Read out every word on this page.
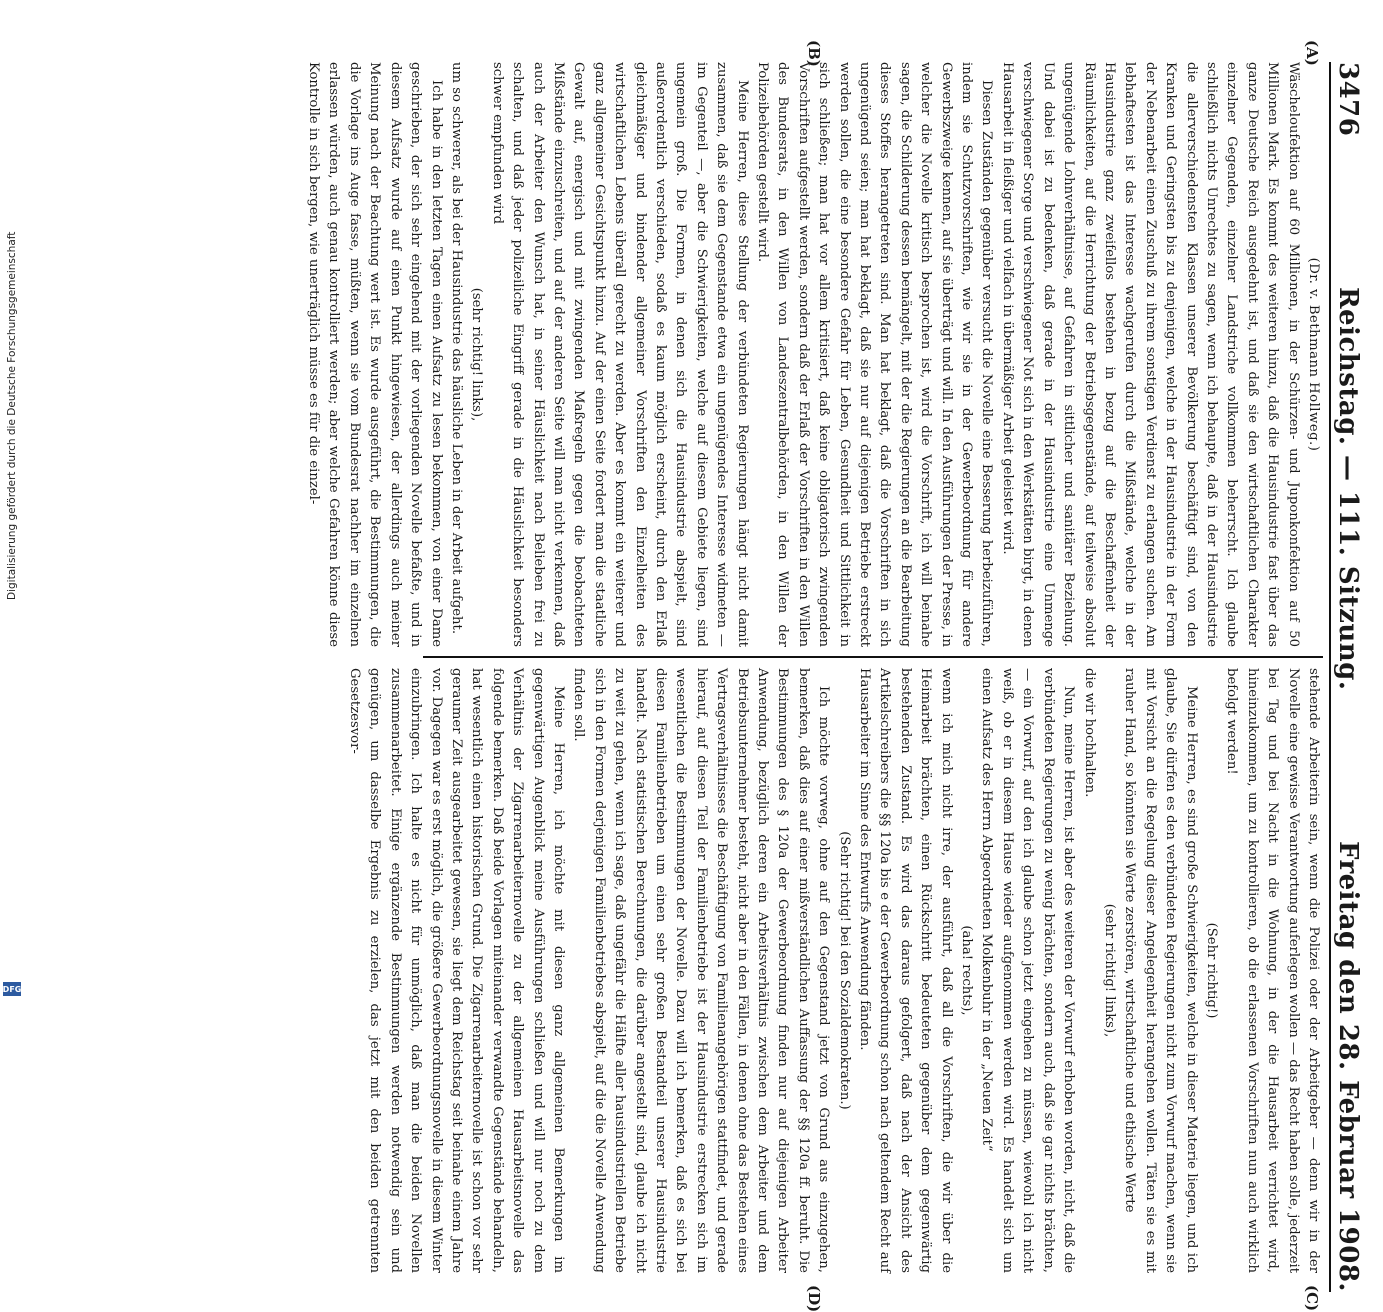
3476
Reichstag. — 111. Sitzung.
Freitag den 28. Februar 1908.
(A)
(B)
(C)
(D)

(Dr. v. Bethmann Hollweg.)

Wäscheloufektion auf 60 Millionen, in der Schürzen- und Juponkonfektion auf 50 Millionen Mark. Es kommt des weiteren hinzu, daß die Hausindustrie fast über das ganze Deutsche Reich ausgedehnt ist, und daß sie den wirtschaftlichen Charakter einzelner Gegenden, einzelner Landstriche vollkommen beherrscht. Ich glaube schließlich nichts Unrechtes zu sagen, wenn ich behaupte, daß in der Hausindustrie die allerverschiedensten Klassen unserer Bevölkerung beschäftigt sind, von den Kranken und Geringsten bis zu denjenigen, welche in der Hausindustrie in der Form der Nebenarbeit einen Zuschuß zu ihrem sonstigen Verdienst zu erlangen suchen. Am lebhaftesten ist das Interesse wachgerufen durch die Mißstände, welche in der Hausindustrie ganz zweifellos bestehen in bezug auf die Beschaffenheit der Räumlichkeiten, auf die Herrichtung der Betriebsgegenstände, auf teilweise absolut ungenügende Lohnverhältnisse, auf Gefahren in sittlicher und sanitärer Beziehung. Und dabei ist zu bedenken, daß gerade in der Hausindustrie eine Unmenge verschwiegener Sorge und verschwiegener Not sich in den Werkstätten birgt, in denen Hausarbeit in fleißiger und vielfach in übermäßiger Arbeit geleistet wird.

Diesen Zuständen gegenüber versucht die Novelle eine Besserung herbeizuführen, indem sie Schutzvorschriften, wie wir sie in der Gewerbeordnung für andere Gewerbszweige kennen, auf sie überträgt und will. In den Ausführungen der Presse, in welcher die Novelle kritisch besprochen ist, wird die Vorschrift, ich will beinahe sagen, die Schilderung dessen bemängelt, mit der die Regierungen an die Bearbeitung dieses Stoffes herangetreten sind. Man hat beklagt, daß die Vorschriften in sich ungenügend seien; man hat beklagt, daß sie nur auf diejenigen Betriebe erstreckt werden sollen, die eine besondere Gefahr für Leben, Gesundheit und Sittlichkeit in sich schließen; man hat vor allem kritisiert, daß keine obligatorisch zwingenden Vorschriften aufgestellt werden, sondern daß der Erlaß der Vorschriften in den Willen des Bundesrats, in den Willen von Landeszentralbehörden, in den Willen der Polizeibehörden gestellt wird.

Meine Herren, diese Stellung der verbündeten Regierungen hängt nicht damit zusammen, daß sie dem Gegenstande etwa ein ungenügendes Interesse widmeten — im Gegenteil —, aber die Schwierigkeiten, welche auf diesem Gebiete liegen, sind ungemein groß. Die Formen, in denen sich die Hausindustrie abspielt, sind außerordentlich verschieden, sodaß es kaum möglich erscheint, durch den Erlaß gleichmäßiger und bindender allgemeiner Vorschriften den Einzelheiten des wirtschaftlichen Lebens überall gerecht zu werden. Aber es kommt ein weiterer und ganz allgemeiner Gesichtspunkt hinzu. Auf der einen Seite fordert man die staatliche Gewalt auf, energisch und mit zwingenden Maßregeln gegen die beobachteten Mißstände einzuschreiten, und auf der anderen Seite will man nicht verkennen, daß auch der Arbeiter den Wunsch hat, in seiner Häuslichkeit nach Belieben frei zu schalten, und daß jeder polizeiliche Eingriff gerade in die Häuslichkeit besonders schwer empfunden wird

(sehr richtig! links),

um so schwerer, als bei der Hausindustrie das häusliche Leben in der Arbeit aufgeht.

Ich habe in den letzten Tagen einen Aufsatz zu lesen bekommen, von einer Dame geschrieben, der sich sehr eingehend mit der vorliegenden Novelle befaßte, und in diesem Aufsatz wurde auf einen Punkt hingewiesen, der allerdings auch meiner Meinung nach der Beachtung wert ist. Es wurde ausgeführt, die Bestimmungen, die die Vorlage ins Auge fasse, müßten, wenn sie vom Bundesrat nachher im einzelnen erlassen würden, auch genau kontrolliert werden; aber welche Gefahren könne diese Kontrolle in sich bergen, wie unerträglich müsse es für die einzel-

stehende Arbeiterin sein, wenn die Polizei oder der Arbeitgeber — denn wir in der Novelle eine gewisse Verantwortung auferlegen wollen — das Recht haben solle, jederzeit bei Tag und bei Nacht in die Wohnung, in der die Hausarbeit verrichtet wird, hineinzukommen, um zu kontrollieren, ob die erlassenen Vorschriften nun auch wirklich befolgt werden!

(Sehr richtig!)

Meine Herren, es sind große Schwierigkeiten, welche in dieser Materie liegen, und ich glaube, Sie dürfen es den verbündeten Regierungen nicht zum Vorwurf machen, wenn sie mit Vorsicht an die Regelung dieser Angelegenheit herangehen wollen. Täten sie es mit rauher Hand, so könnten sie Werte zerstören, wirtschaftliche und ethische Werte

(sehr richtig! links),

die wir hochhalten.

Nun, meine Herren, ist aber des weiteren der Vorwurf erhoben worden, nicht, daß die verbündeten Regierungen zu wenig brächten, sondern auch, daß sie gar nichts brächten, — ein Vorwurf, auf den ich glaube schon jetzt eingehen zu müssen, wiewohl ich nicht weiß, ob er in diesem Hause wieder aufgenommen werden wird. Es handelt sich um einen Aufsatz des Herrn Abgeordneten Molkenbuhr in der „Neuen Zeit“

(aha! rechts),

wenn ich mich nicht irre, der ausführt, daß all die Vorschriften, die wir über die Heimarbeit brächten, einen Rückschritt bedeuteten gegenüber dem gegenwärtig bestehenden Zustand. Es wird das daraus gefolgert, daß nach der Ansicht des Artikelschreibers die §§ 120a bis e der Gewerbeordnung schon nach geltendem Recht auf Hausarbeiter im Sinne des Entwurfs Anwendung fänden.

(Sehr richtig! bei den Sozialdemokraten.)

Ich möchte vorweg, ohne auf den Gegenstand jetzt von Grund aus einzugehen, bemerken, daß dies auf einer mißverständlichen Auffassung der §§ 120a ff. beruht. Die Bestimmungen des § 120a der Gewerbeordnung finden nur auf diejenigen Arbeiter Anwendung, bezüglich deren ein Arbeitsverhältnis zwischen dem Arbeiter und dem Betriebsunternehmer besteht, nicht aber in den Fällen, in denen ohne das Bestehen eines Vertragsverhältnisses die Beschäftigung von Familienangehörigen stattfindet, und gerade hierauf, auf diesen Teil der Familienbetriebe ist der Hausindustrie erstrecken sich im wesentlichen die Bestimmungen der Novelle. Dazu will ich bemerken, daß es sich bei diesen Familienbetrieben um einen sehr großen Bestandteil unserer Hausindustrie handelt. Nach statistischen Berechnungen, die darüber angestellt sind, glaube ich nicht zu weit zu gehen, wenn ich sage, daß ungefähr die Hälfte aller hausindustriellen Betriebe sich in den Formen derjenigen Familienbetriebes abspielt, auf die die Novelle Anwendung finden soll.

Meine Herren, ich möchte mit diesen ganz allgemeinen Bemerkungen im gegenwärtigen Augenblick meine Ausführungen schließen und will nur noch zu dem Verhältnis der Zigarrenarbeiternovelle zu der allgemeinen Hausarbeitsnovelle das folgende bemerken. Daß beide Vorlagen miteinander verwandte Gegenstände behandeln, hat wesentlich einen historischen Grund. Die Zigarrenarbeiternovelle ist schon vor sehr geraumer Zeit ausgearbeitet gewesen, sie liegt dem Reichstag seit beinahe einem Jahre vor. Dagegen war es erst möglich, die größere Gewerbeordnungsnovelle in diesem Winter einzubringen. Ich halte es nicht für unmöglich, daß man die beiden Novellen zusammenarbeitet. Einige ergänzende Bestimmungen werden notwendig sein und genügen, um dasselbe Ergebnis zu erzielen, das jetzt mit den beiden getrennten Gesetzesvor-

Digitalisierung gefördert durch die Deutsche Forschungsgemeinschaft
DFG
